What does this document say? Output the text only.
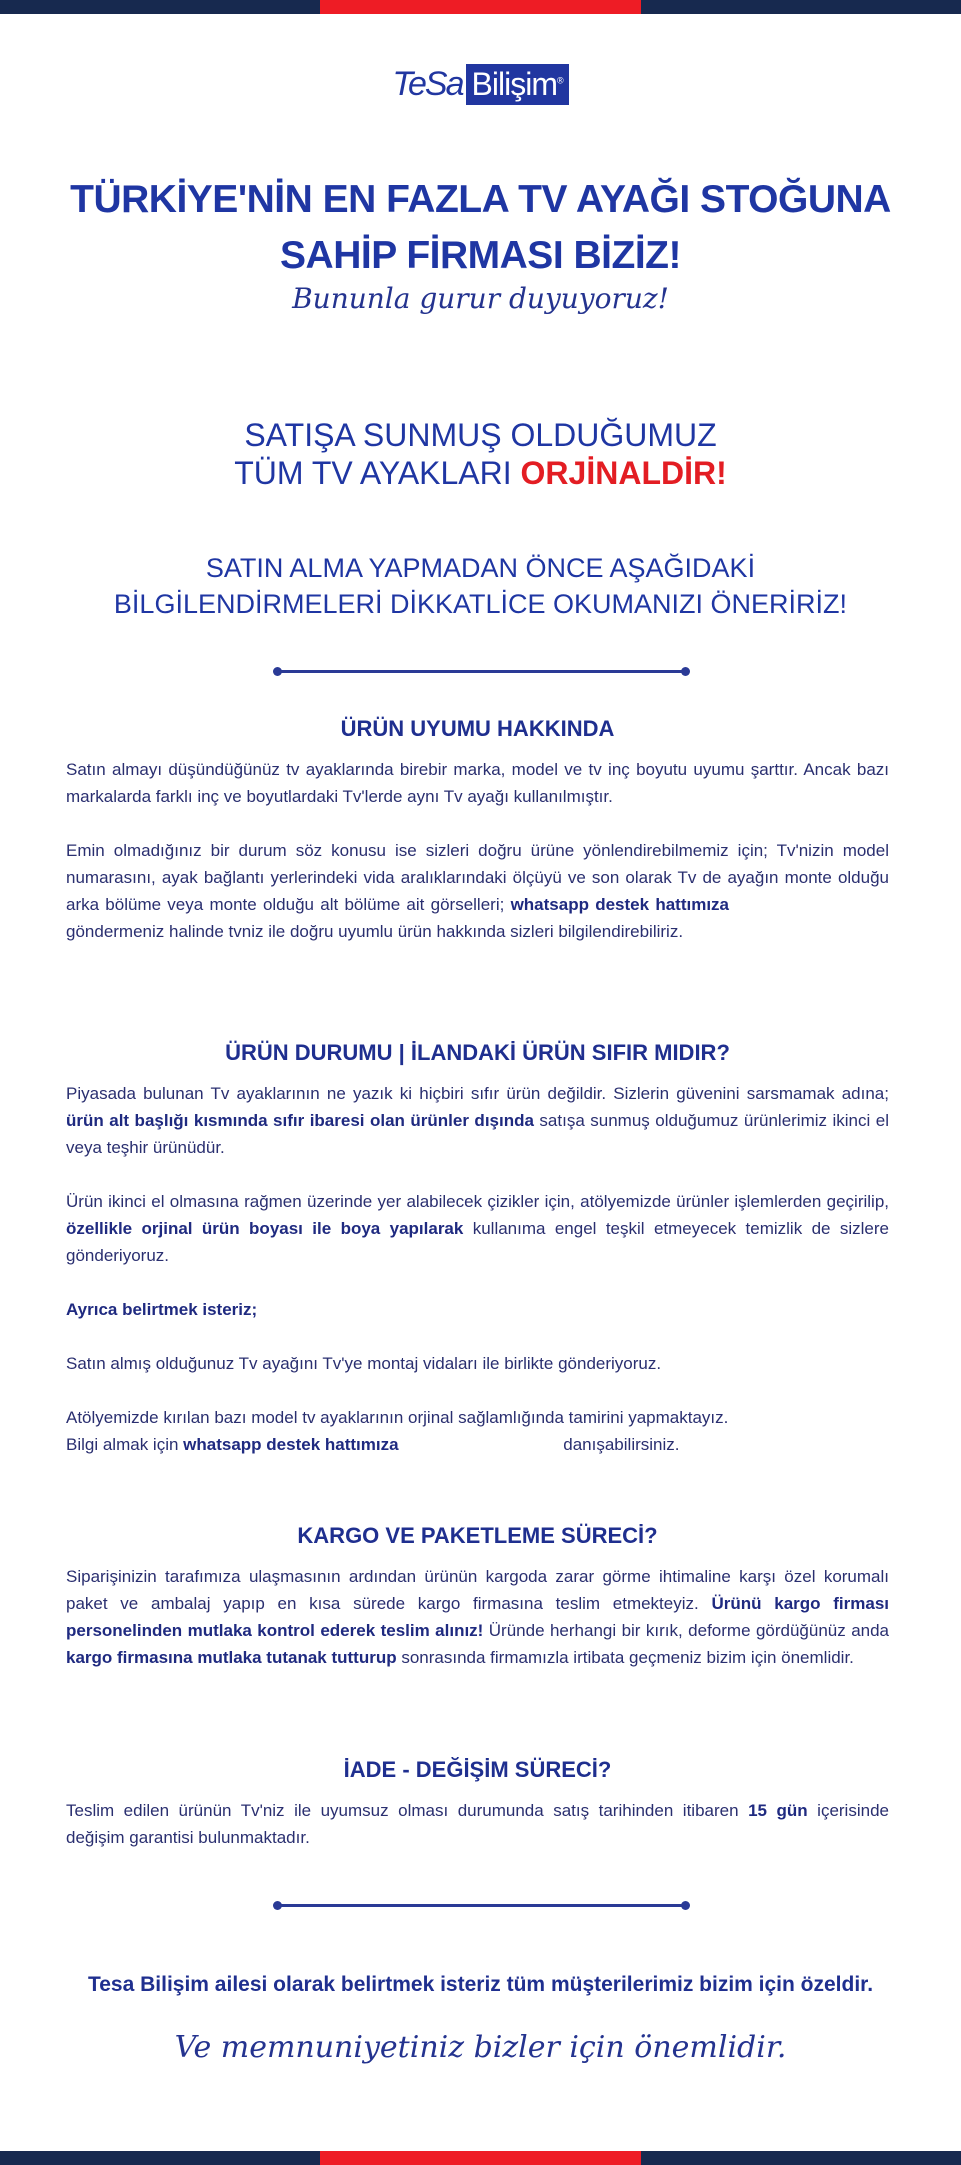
TeSa Bilişim®
TÜRKİYE'NİN EN FAZLA TV AYAĞI STOĞUNA
SAHİP FİRMASI BİZİZ!
Bununla gurur duyuyoruz!
SATIŞA SUNMUŞ OLDUĞUMUZ
TÜM TV AYAKLARI ORJİNALDİR!
SATIN ALMA YAPMADAN ÖNCE AŞAĞIDAKİ
BİLGİLENDİRMELERİ DİKKATLİCE OKUMANIZI ÖNERİRİZ!
ÜRÜN UYUMU HAKKINDA

Satın almayı düşündüğünüz tv ayaklarında birebir marka, model ve tv inç boyutu uyumu şarttır. Ancak bazı markalarda farklı inç ve boyutlardaki Tv'lerde aynı Tv ayağı kullanılmıştır.

Emin olmadığınız bir durum söz konusu ise sizleri doğru ürüne yönlendirebilmemiz için; Tv'nizin model numarasını, ayak bağlantı yerlerindeki vida aralıklarındaki ölçüyü ve son olarak Tv de ayağın monte olduğu arka bölüme veya monte olduğu alt bölüme ait görselleri; whatsapp destek hattımıza göndermeniz halinde tvniz ile doğru uyumlu ürün hakkında sizleri bilgilendirebiliriz.

ÜRÜN DURUMU | İLANDAKİ ÜRÜN SIFIR MIDIR?

Piyasada bulunan Tv ayaklarının ne yazık ki hiçbiri sıfır ürün değildir. Sizlerin güvenini sarsmamak adına; ürün alt başlığı kısmında sıfır ibaresi olan ürünler dışında satışa sunmuş olduğumuz ürünlerimiz ikinci el veya teşhir ürünüdür.

Ürün ikinci el olmasına rağmen üzerinde yer alabilecek çizikler için, atölyemizde ürünler işlemlerden geçirilip, özellikle orjinal ürün boyası ile boya yapılarak kullanıma engel teşkil etmeyecek temizlik de sizlere gönderiyoruz.

Ayrıca belirtmek isteriz;

Satın almış olduğunuz Tv ayağını Tv'ye montaj vidaları ile birlikte gönderiyoruz.

Atölyemizde kırılan bazı model tv ayaklarının orjinal sağlamlığında tamirini yapmaktayız.
Bilgi almak için whatsapp destek hattımıza	danışabilirsiniz.

KARGO VE PAKETLEME SÜRECİ?

Siparişinizin tarafımıza ulaşmasının ardından ürünün kargoda zarar görme ihtimaline karşı özel korumalı paket ve ambalaj yapıp en kısa sürede kargo firmasına teslim etmekteyiz. Ürünü kargo firması personelinden mutlaka kontrol ederek teslim alınız! Üründe herhangi bir kırık, deforme gördüğünüz anda kargo firmasına mutlaka tutanak tutturup sonrasında firmamızla irtibata geçmeniz bizim için önemlidir.

İADE - DEĞİŞİM SÜRECİ?

Teslim edilen ürünün Tv'niz ile uyumsuz olması durumunda satış tarihinden itibaren 15 gün içerisinde değişim garantisi bulunmaktadır.

Tesa Bilişim ailesi olarak belirtmek isteriz tüm müşterilerimiz bizim için özeldir.
Ve memnuniyetiniz bizler için önemlidir.
